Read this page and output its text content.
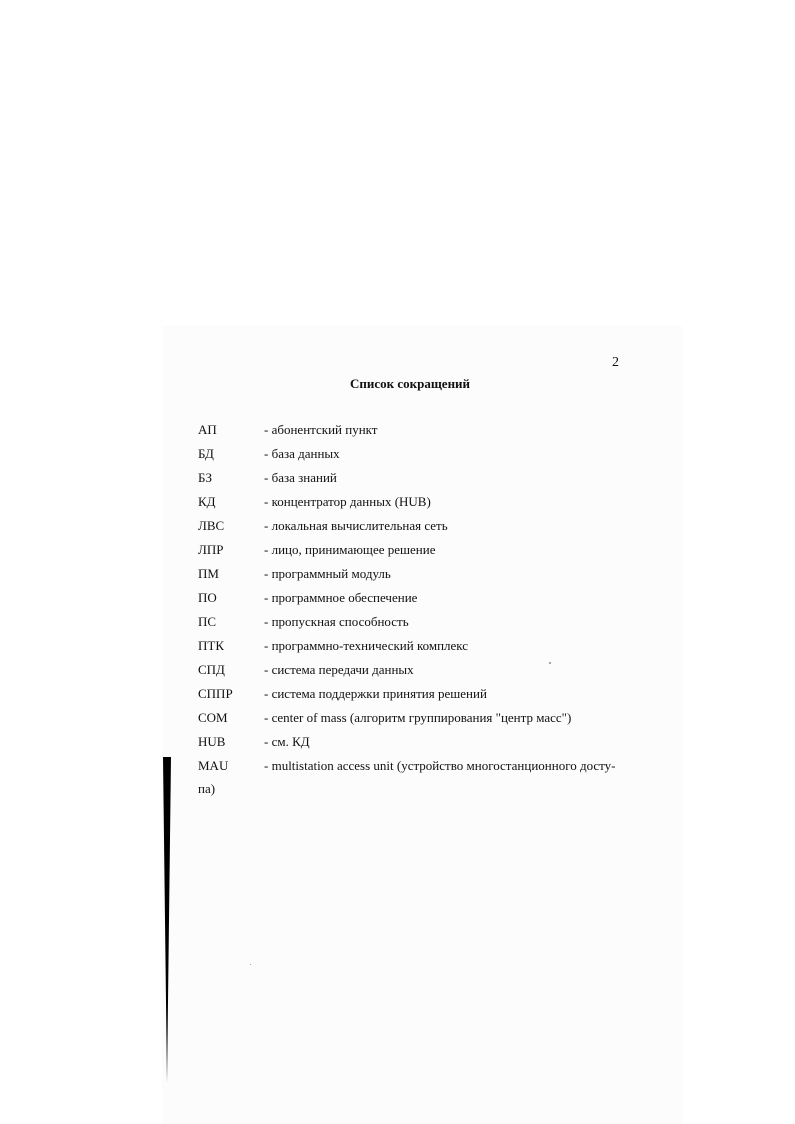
2
Список сокращений
АП	- абонентский пункт
БД	- база данных
БЗ	- база знаний
КД	- концентратор данных (HUB)
ЛВС	- локальная вычислительная сеть
ЛПР	- лицо, принимающее решение
ПМ	- программный модуль
ПО	- программное обеспечение
ПС	- пропускная способность
ПТК	- программно-технический комплекс
СПД	- система передачи данных
СППР - система поддержки принятия решений
СОМ	- center of mass (алгоритм группирования "центр масс")
HUB	- см. КД
MAU	- multistation access unit (устройство многостанционного досту-
па)
